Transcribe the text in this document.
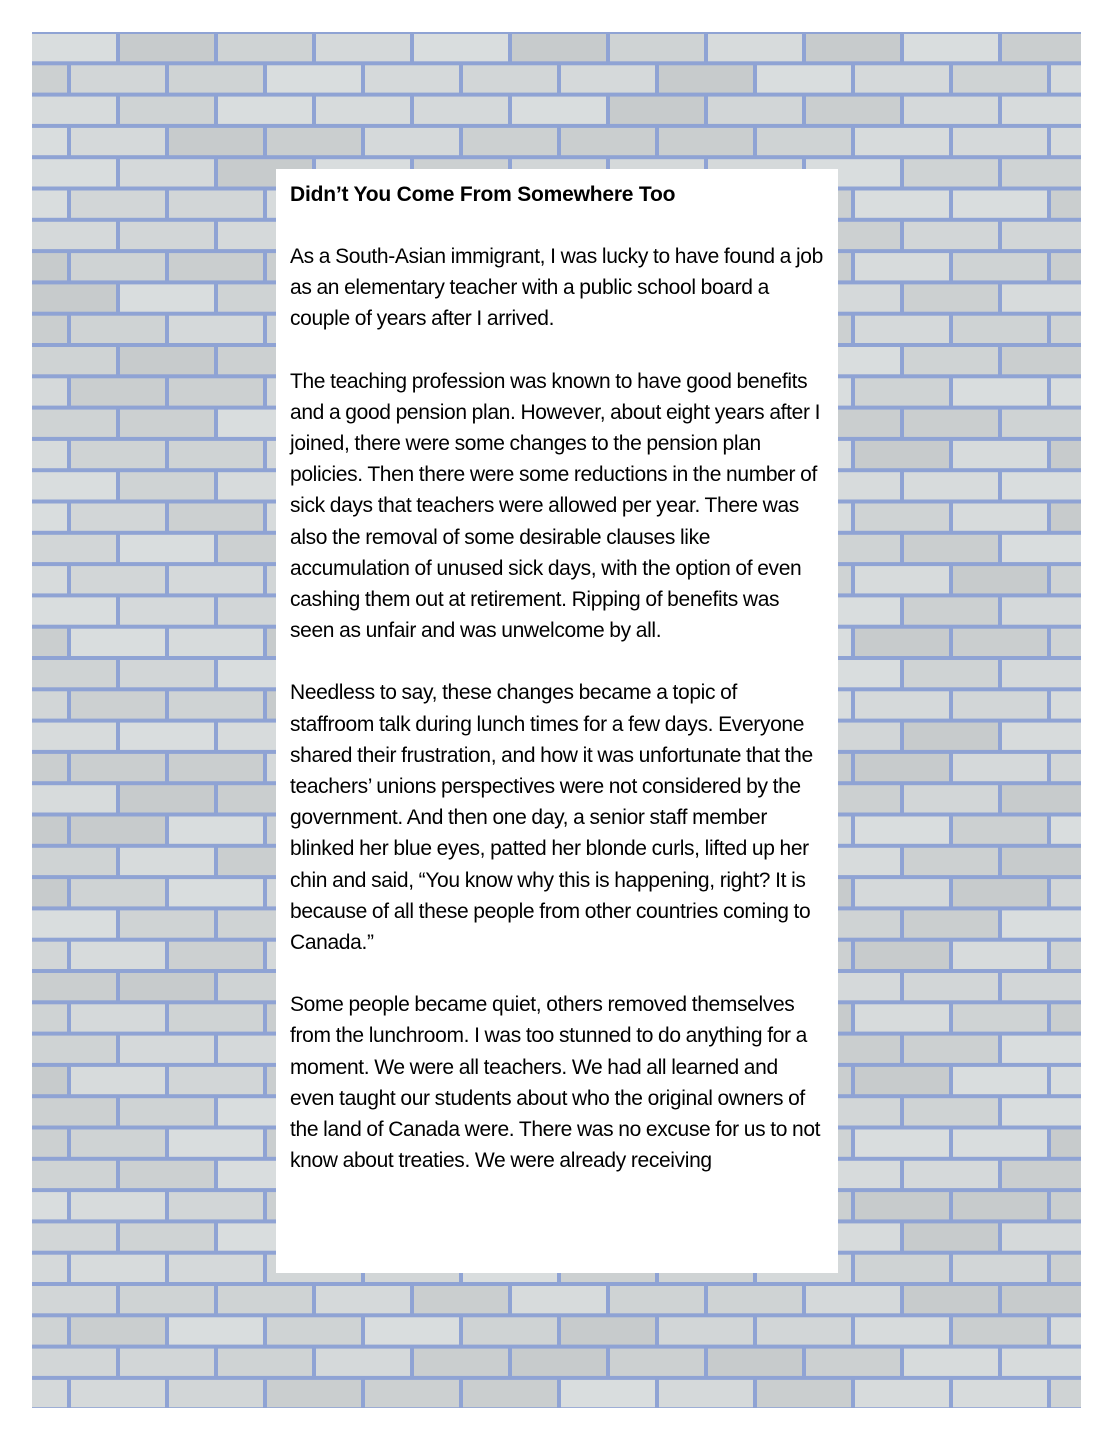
Didn’t You Come From Somewhere Too

As a South-Asian immigrant, I was lucky to have found a job as an elementary teacher with a public school board a couple of years after I arrived.

The teaching profession was known to have good benefits and a good pension plan. However, about eight years after I joined, there were some changes to the pension plan policies. Then there were some reductions in the number of sick days that teachers were allowed per year. There was also the removal of some desirable clauses like accumulation of unused sick days, with the option of even cashing them out at retirement. Ripping of benefits was seen as unfair and was unwelcome by all.

Needless to say, these changes became a topic of staffroom talk during lunch times for a few days. Everyone shared their frustration, and how it was unfortunate that the teachers’ unions perspectives were not considered by the government. And then one day, a senior staff member blinked her blue eyes, patted her blonde curls, lifted up her chin and said, “You know why this is happening, right? It is because of all these people from other countries coming to Canada.”

Some people became quiet, others removed themselves from the lunchroom. I was too stunned to do anything for a moment. We were all teachers. We had all learned and even taught our students about who the original owners of the land of Canada were. There was no excuse for us to not know about treaties. We were already receiving
